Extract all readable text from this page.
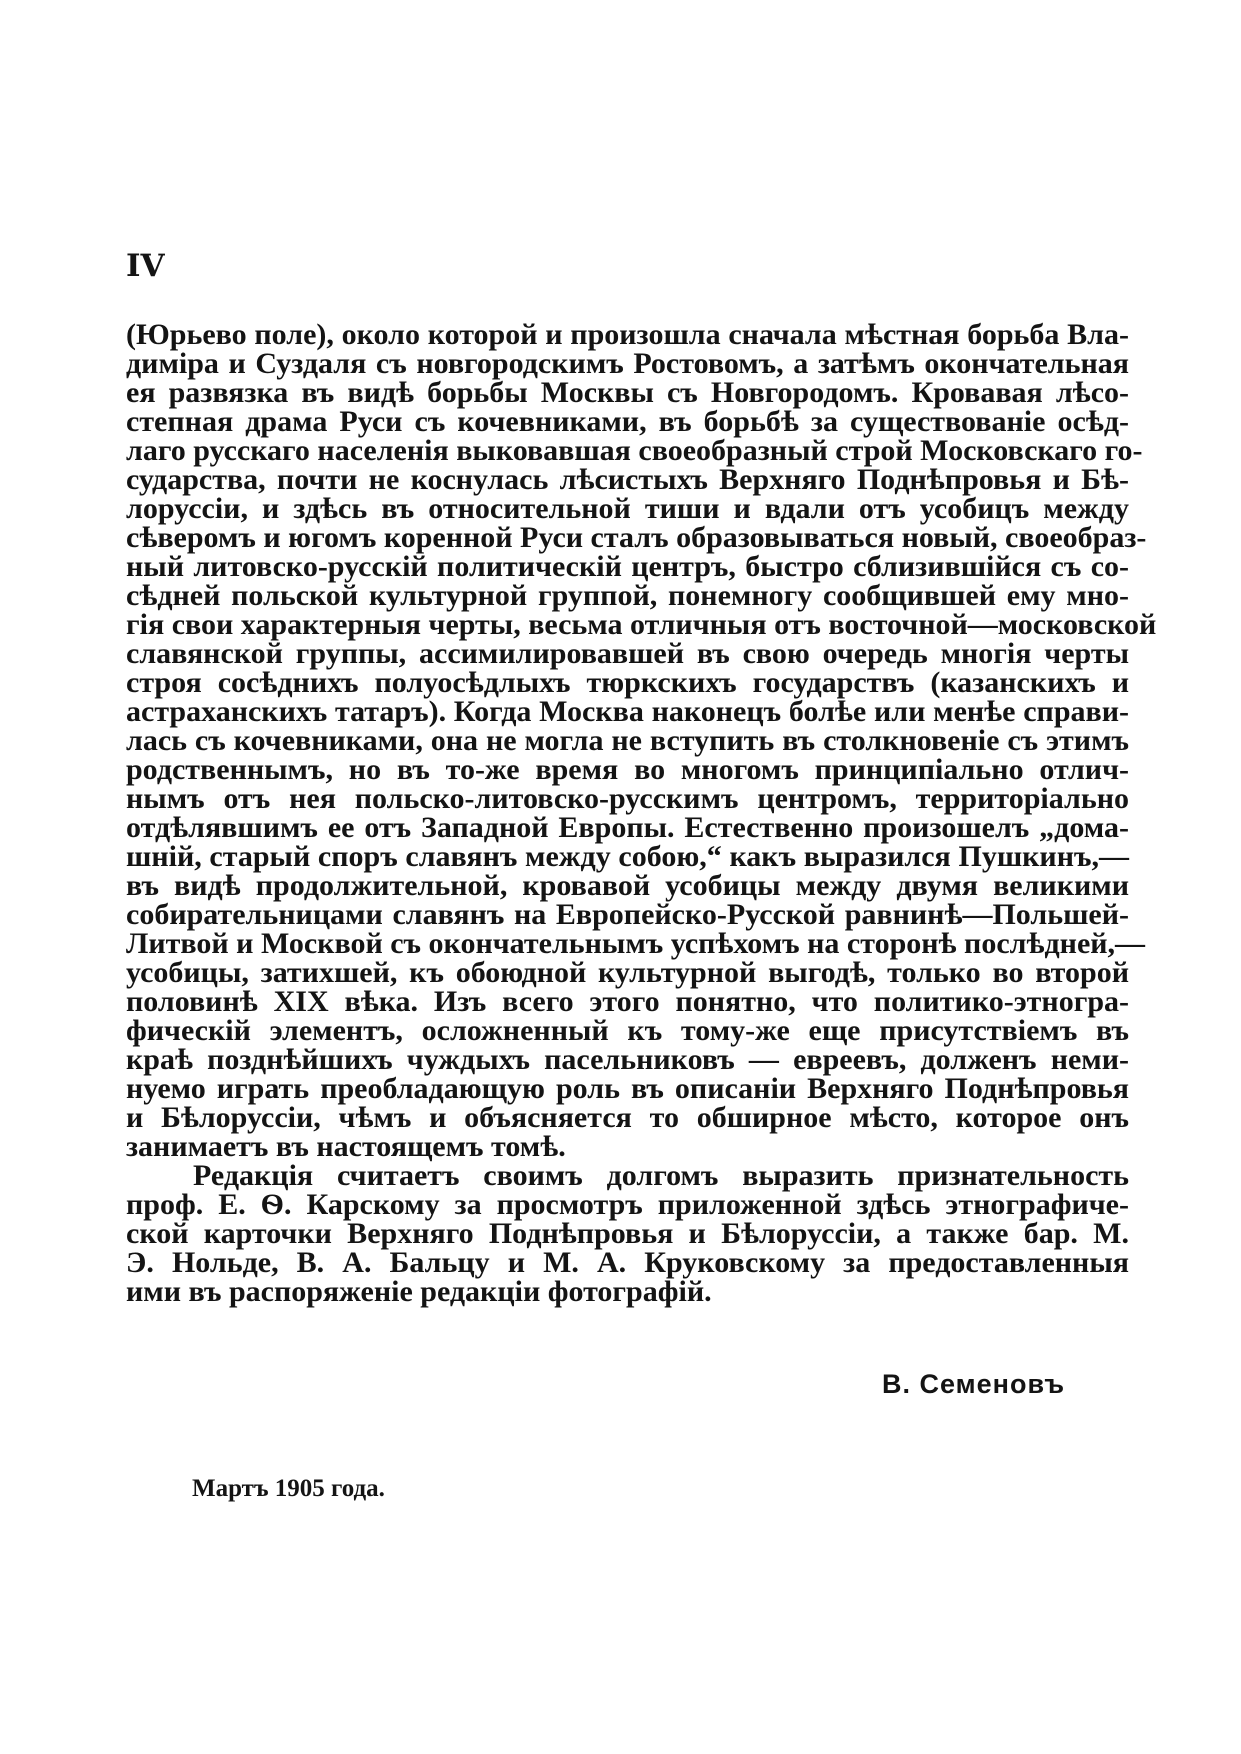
IV

(Юрьево поле), около которой и произошла сначала мѣстная борьба Вла-

диміра и Суздаля съ новгородскимъ Ростовомъ, а затѣмъ окончательная

ея развязка въ видѣ борьбы Москвы съ Новгородомъ. Кровавая лѣсо-

степная драма Руси съ кочевниками, въ борьбѣ за существованіе осѣд-

лаго русскаго населенія выковавшая своеобразный строй Московскаго го-

сударства, почти не коснулась лѣсистыхъ Верхняго Поднѣпровья и Бѣ-

лоруссіи, и здѣсь въ относительной тиши и вдали отъ усобицъ между

сѣверомъ и югомъ коренной Руси сталъ образовываться новый, своеобраз-

ный литовско-русскій политическій центръ, быстро сблизившійся съ со-

сѣдней польской культурной группой, понемногу сообщившей ему мно-

гія свои характерныя черты, весьма отличныя отъ восточной—московской

славянской группы, ассимилировавшей въ свою очередь многія черты

строя сосѣднихъ полуосѣдлыхъ тюркскихъ государствъ (казанскихъ и

астраханскихъ татаръ). Когда Москва наконецъ болѣе или менѣе справи-

лась съ кочевниками, она не могла не вступить въ столкновеніе съ этимъ

родственнымъ, но въ то-же время во многомъ принципіально отлич-

нымъ отъ нея польско-литовско-русскимъ центромъ, территоріально

отдѣлявшимъ ее отъ Западной Европы. Естественно произошелъ „дома-

шній, старый споръ славянъ между собою,“ какъ выразился Пушкинъ,—

въ видѣ продолжительной, кровавой усобицы между двумя великими

собирательницами славянъ на Европейско-Русской равнинѣ—Польшей-

Литвой и Москвой съ окончательнымъ успѣхомъ на сторонѣ послѣдней,—

усобицы, затихшей, къ обоюдной культурной выгодѣ, только во второй

половинѣ XIX вѣка. Изъ всего этого понятно, что политико-этногра-

фическій элементъ, осложненный къ тому-же еще присутствіемъ въ

краѣ позднѣйшихъ чуждыхъ пасельниковъ — евреевъ, долженъ неми-

нуемо играть преобладающую роль въ описаніи Верхняго Поднѣпровья

и Бѣлоруссіи, чѣмъ и объясняется то обширное мѣсто, которое онъ

занимаетъ въ настоящемъ томѣ.

Редакція считаетъ своимъ долгомъ выразить признательность

проф. Е. Ѳ. Карскому за просмотръ приложенной здѣсь этнографиче-

ской карточки Верхняго Поднѣпровья и Бѣлоруссіи, а также бар. М.

Э. Нольде, В. А. Бальцу и М. А. Круковскому за предоставленныя

ими въ распоряженіе редакціи фотографій.

В. Семеновъ

Мартъ 1905 года.
